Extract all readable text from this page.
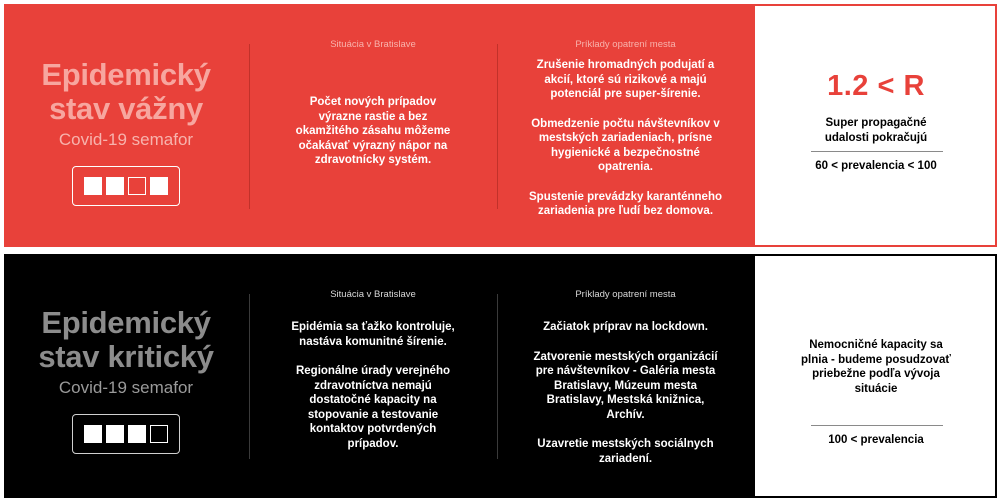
Epidemický
stav vážny
Covid-19 semafor
Situácia v Bratislave

Počet nových prípadov výrazne rastie a bez okamžitého zásahu môžeme očakávať výrazný nápor na zdravotnícky systém.

Príklady opatrení mesta

Zrušenie hromadných podujatí a akcií, ktoré sú rizikové a majú potenciál pre super-šírenie.

Obmedzenie počtu návštevníkov v mestských zariadeniach, prísne hygienické a bezpečnostné opatrenia.

Spustenie prevádzky karanténneho zariadenia pre ľudí bez domova.

1.2 < R
Super propagačné udalosti pokračujú
60 < prevalencia < 100
Epidemický
stav kritický
Covid-19 semafor
Situácia v Bratislave

Epidémia sa ťažko kontroluje, nastáva komunitné šírenie.

Regionálne úrady verejného zdravotníctva nemajú dostatočné kapacity na stopovanie a testovanie kontaktov potvrdených prípadov.

Príklady opatrení mesta

Začiatok príprav na lockdown.

Zatvorenie mestských organizácií pre návštevníkov - Galéria mesta Bratislavy, Múzeum mesta Bratislavy, Mestská knižnica, Archív.

Uzavretie mestských sociálnych zariadení.

Nemocničné kapacity sa plnia - budeme posudzovať priebežne podľa vývoja situácie
100 < prevalencia
